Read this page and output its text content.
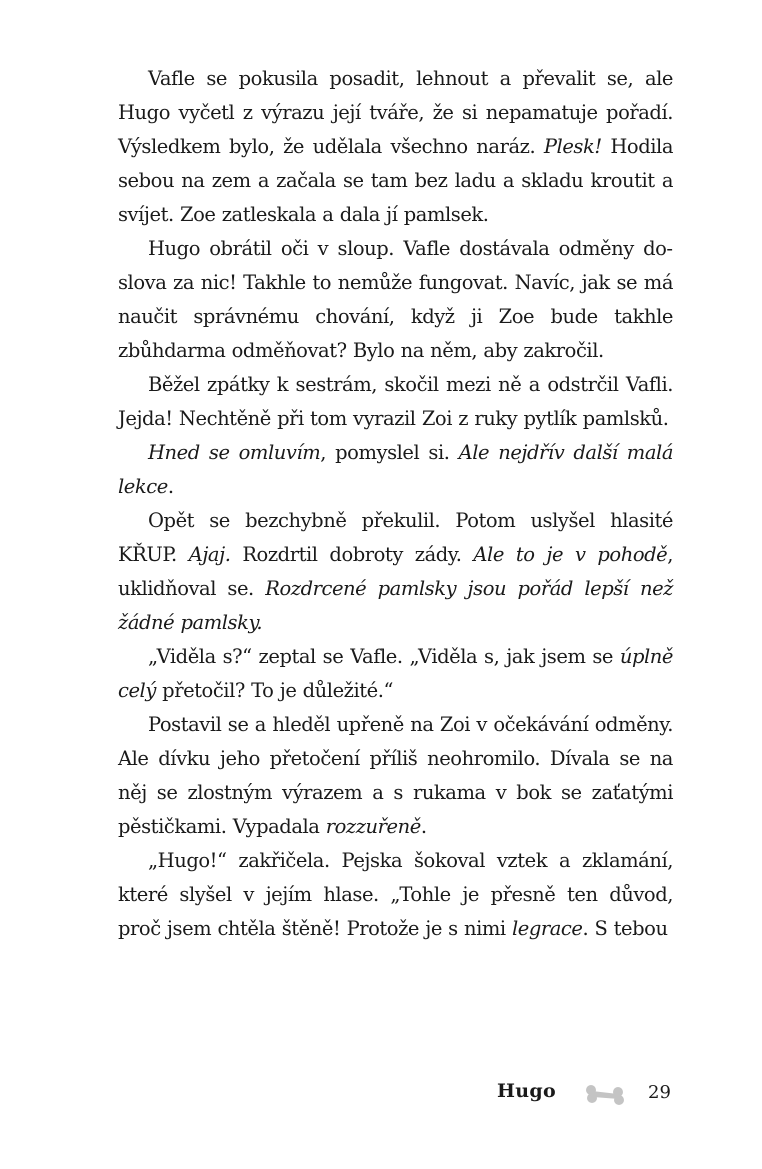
Vafle se pokusila posadit, lehnout a převalit se, ale Hugo vyčetl z výrazu její tváře, že si nepamatuje pořadí. Výsledkem bylo, že udělala všechno naráz. Plesk! Hodila sebou na zem a začala se tam bez ladu a skladu kroutit a svíjet. Zoe zatleskala a dala jí pamlsek.

Hugo obrátil oči v sloup. Vafle dostávala odměny doslova za nic! Takhle to nemůže fungovat. Navíc, jak se má naučit správnému chování, když ji Zoe bude takhle zbůhdarma odměňovat? Bylo na něm, aby zakročil.

Běžel zpátky k sestrám, skočil mezi ně a odstrčil Vafli. Jejda! Nechtěně při tom vyrazil Zoi z ruky pytlík pamlsků.

Hned se omluvím, pomyslel si. Ale nejdřív další malá lekce.

Opět se bezchybně překulil. Potom uslyšel hlasité KŘUP. Ajaj. Rozdrtil dobroty zády. Ale to je v pohodě, uklidňoval se. Rozdrcené pamlsky jsou pořád lepší než žádné pamlsky.

„Viděla s?“ zeptal se Vafle. „Viděla s, jak jsem se úplně celý přetočil? To je důležité.“

Postavil se a hleděl upřeně na Zoi v očekávání odměny. Ale dívku jeho přetočení příliš neohromilo. Dívala se na něj se zlostným výrazem a s rukama v bok se zaťatými pěstičkami. Vypadala rozzuřeně.

„Hugo!“ zakřičela. Pejska šokoval vztek a zklamání, které slyšel v jejím hlase. „Tohle je přesně ten důvod, proč jsem chtěla štěně! Protože je s nimi legrace. S tebou

Hugo	29
